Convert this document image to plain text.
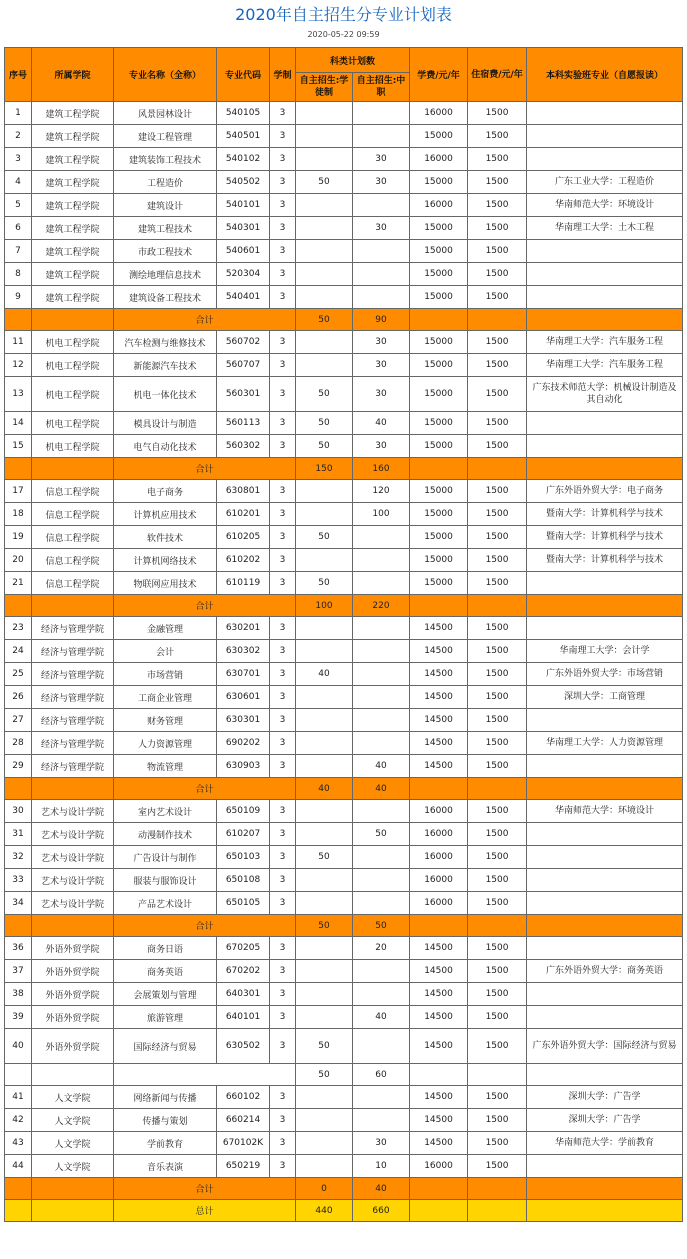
2020年自主招生分专业计划表
2020-05-22 09:59
序号	所属学院	专业名称（全称）	专业代码	学制	科类计划数		学费/元/年	住宿费/元/年	本科实验班专业（自愿报读）
					自主招生:学徒制	自主招生:中职			
1	建筑工程学院	风景园林设计	540105	3			16000	1500	
2	建筑工程学院	建设工程管理	540501	3			15000	1500	
3	建筑工程学院	建筑装饰工程技术	540102	3		30	16000	1500	
4	建筑工程学院	工程造价	540502	3	50	30	15000	1500	广东工业大学：工程造价
5	建筑工程学院	建筑设计	540101	3			16000	1500	华南师范大学：环境设计
6	建筑工程学院	建筑工程技术	540301	3		30	15000	1500	华南理工大学：土木工程
7	建筑工程学院	市政工程技术	540601	3			15000	1500	
8	建筑工程学院	测绘地理信息技术	520304	3			15000	1500	
9	建筑工程学院	建筑设备工程技术	540401	3			15000	1500	
		合计			50	90			
11	机电工程学院	汽车检测与维修技术	560702	3		30	15000	1500	华南理工大学：汽车服务工程
12	机电工程学院	新能源汽车技术	560707	3		30	15000	1500	华南理工大学：汽车服务工程
13	机电工程学院	机电一体化技术	560301	3	50	30	15000	1500	广东技术师范大学：机械设计制造及其自动化
14	机电工程学院	模具设计与制造	560113	3	50	40	15000	1500	
15	机电工程学院	电气自动化技术	560302	3	50	30	15000	1500	
		合计			150	160			
17	信息工程学院	电子商务	630801	3		120	15000	1500	广东外语外贸大学：电子商务
18	信息工程学院	计算机应用技术	610201	3		100	15000	1500	暨南大学：计算机科学与技术
19	信息工程学院	软件技术	610205	3	50		15000	1500	暨南大学：计算机科学与技术
20	信息工程学院	计算机网络技术	610202	3			15000	1500	暨南大学：计算机科学与技术
21	信息工程学院	物联网应用技术	610119	3	50		15000	1500	
		合计			100	220			
23	经济与管理学院	金融管理	630201	3			14500	1500	
24	经济与管理学院	会计	630302	3			14500	1500	华南理工大学：会计学
25	经济与管理学院	市场营销	630701	3	40		14500	1500	广东外语外贸大学：市场营销
26	经济与管理学院	工商企业管理	630601	3			14500	1500	深圳大学：工商管理
27	经济与管理学院	财务管理	630301	3			14500	1500	
28	经济与管理学院	人力资源管理	690202	3			14500	1500	华南理工大学：人力资源管理
29	经济与管理学院	物流管理	630903	3		40	14500	1500	
		合计			40	40			
30	艺术与设计学院	室内艺术设计	650109	3			16000	1500	华南师范大学：环境设计
31	艺术与设计学院	动漫制作技术	610207	3		50	16000	1500	
32	艺术与设计学院	广告设计与制作	650103	3	50		16000	1500	
33	艺术与设计学院	服装与服饰设计	650108	3			16000	1500	
34	艺术与设计学院	产品艺术设计	650105	3			16000	1500	
		合计			50	50			
36	外语外贸学院	商务日语	670205	3		20	14500	1500	
37	外语外贸学院	商务英语	670202	3			14500	1500	广东外语外贸大学：商务英语
38	外语外贸学院	会展策划与管理	640301	3			14500	1500	
39	外语外贸学院	旅游管理	640101	3		40	14500	1500	
40	外语外贸学院	国际经济与贸易	630502	3	50		14500	1500	广东外语外贸大学：国际经济与贸易
					50	60			
41	人文学院	网络新闻与传播	660102	3			14500	1500	深圳大学：广告学
42	人文学院	传播与策划	660214	3			14500	1500	深圳大学：广告学
43	人文学院	学前教育	670102K	3		30	14500	1500	华南师范大学：学前教育
44	人文学院	音乐表演	650219	3		10	16000	1500	
		合计			0	40			
		总计			440	660			
